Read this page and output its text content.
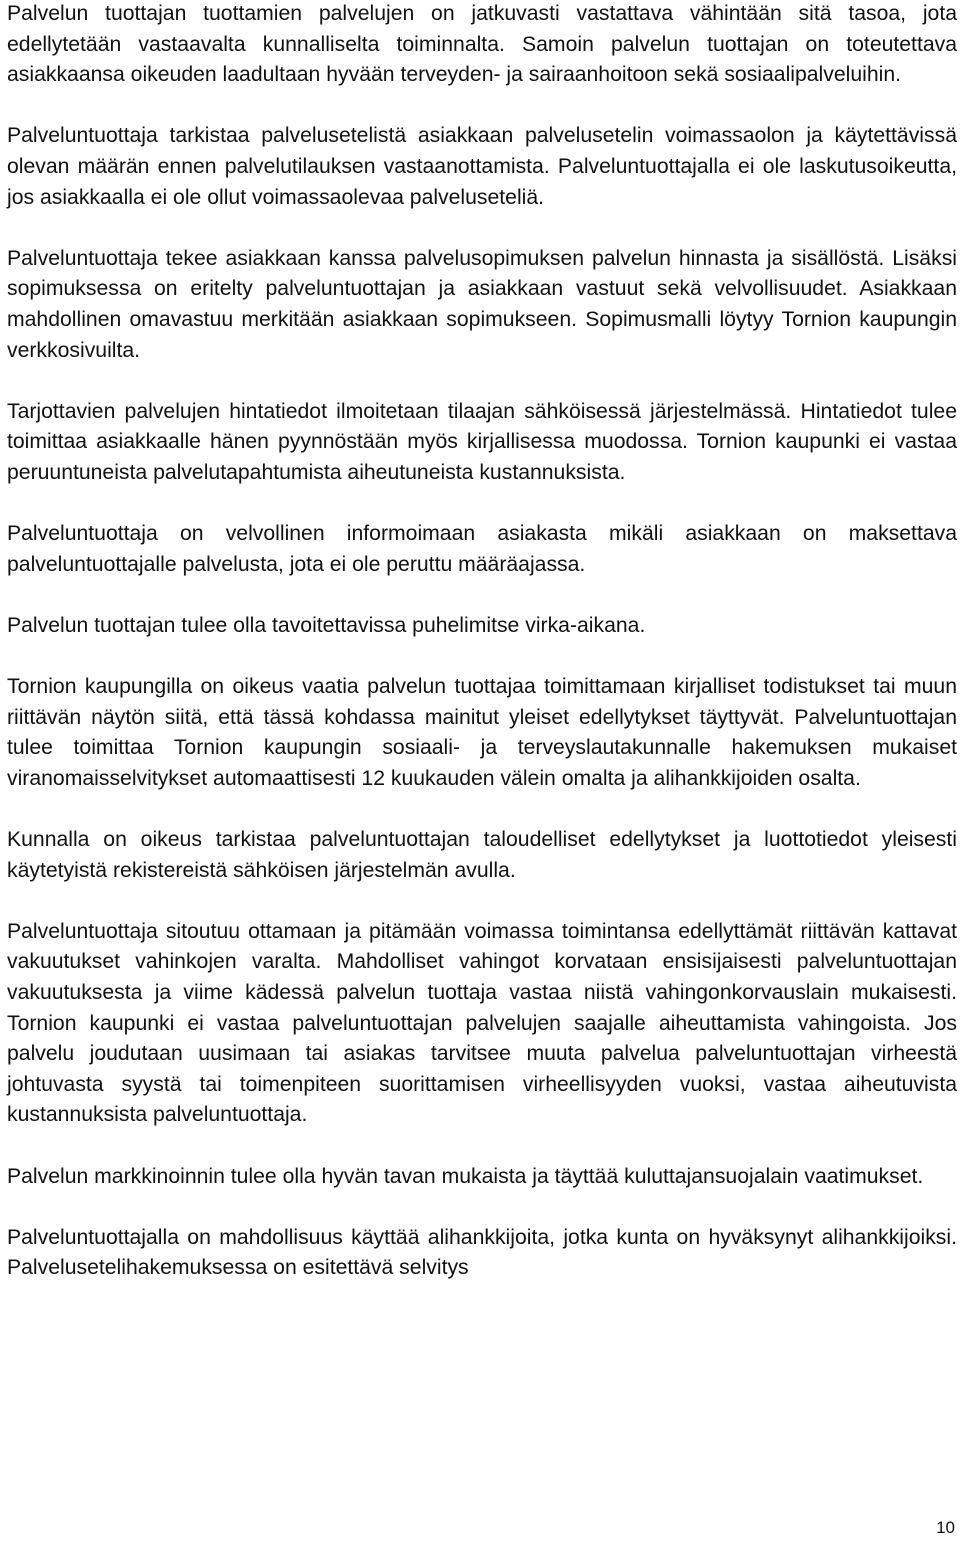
Palvelun tuottajan tuottamien palvelujen on jatkuvasti vastattava vähintään sitä tasoa, jota edellytetään vastaavalta kunnalliselta toiminnalta. Samoin palvelun tuottajan on toteutettava asiakkaansa oikeuden laadultaan hyvään terveyden- ja sairaanhoitoon sekä sosiaalipalveluihin.

Palveluntuottaja tarkistaa palvelusetelistä asiakkaan palvelusetelin voimassaolon ja käytettävissä olevan määrän ennen palvelutilauksen vastaanottamista. Palveluntuottajalla ei ole laskutusoikeutta, jos asiakkaalla ei ole ollut voimassaolevaa palveluseteliä.

Palveluntuottaja tekee asiakkaan kanssa palvelusopimuksen palvelun hinnasta ja sisällöstä. Lisäksi sopimuksessa on eritelty palveluntuottajan ja asiakkaan vastuut sekä velvollisuudet. Asiakkaan mahdollinen omavastuu merkitään asiakkaan sopimukseen. Sopimusmalli löytyy Tornion kaupungin verkkosivuilta.

Tarjottavien palvelujen hintatiedot ilmoitetaan tilaajan sähköisessä järjestelmässä. Hintatiedot tulee toimittaa asiakkaalle hänen pyynnöstään myös kirjallisessa muodossa. Tornion kaupunki ei vastaa peruuntuneista palvelutapahtumista aiheutuneista kustannuksista.

Palveluntuottaja on velvollinen informoimaan asiakasta mikäli asiakkaan on maksettava palveluntuottajalle palvelusta, jota ei ole peruttu määräajassa.

Palvelun tuottajan tulee olla tavoitettavissa puhelimitse virka-aikana.

Tornion kaupungilla on oikeus vaatia palvelun tuottajaa toimittamaan kirjalliset todistukset tai muun riittävän näytön siitä, että tässä kohdassa mainitut yleiset edellytykset täyttyvät. Palveluntuottajan tulee toimittaa Tornion kaupungin sosiaali- ja terveyslautakunnalle hakemuksen mukaiset viranomaisselvitykset automaattisesti 12 kuukauden välein omalta ja alihankkijoiden osalta.

Kunnalla on oikeus tarkistaa palveluntuottajan taloudelliset edellytykset ja luottotiedot yleisesti käytetyistä rekistereistä sähköisen järjestelmän avulla.

Palveluntuottaja sitoutuu ottamaan ja pitämään voimassa toimintansa edellyttämät riittävän kattavat vakuutukset vahinkojen varalta. Mahdolliset vahingot korvataan ensisijaisesti palveluntuottajan vakuutuksesta ja viime kädessä palvelun tuottaja vastaa niistä vahingonkorvauslain mukaisesti. Tornion kaupunki ei vastaa palveluntuottajan palvelujen saajalle aiheuttamista vahingoista. Jos palvelu joudutaan uusimaan tai asiakas tarvitsee muuta palvelua palveluntuottajan virheestä johtuvasta syystä tai toimenpiteen suorittamisen virheellisyyden vuoksi, vastaa aiheutuvista kustannuksista palveluntuottaja.

Palvelun markkinoinnin tulee olla hyvän tavan mukaista ja täyttää kuluttajansuojalain vaatimukset.

Palveluntuottajalla on mahdollisuus käyttää alihankkijoita, jotka kunta on hyväksynyt alihankkijoiksi. Palvelusetelihakemuksessa on esitettävä selvitys

10
